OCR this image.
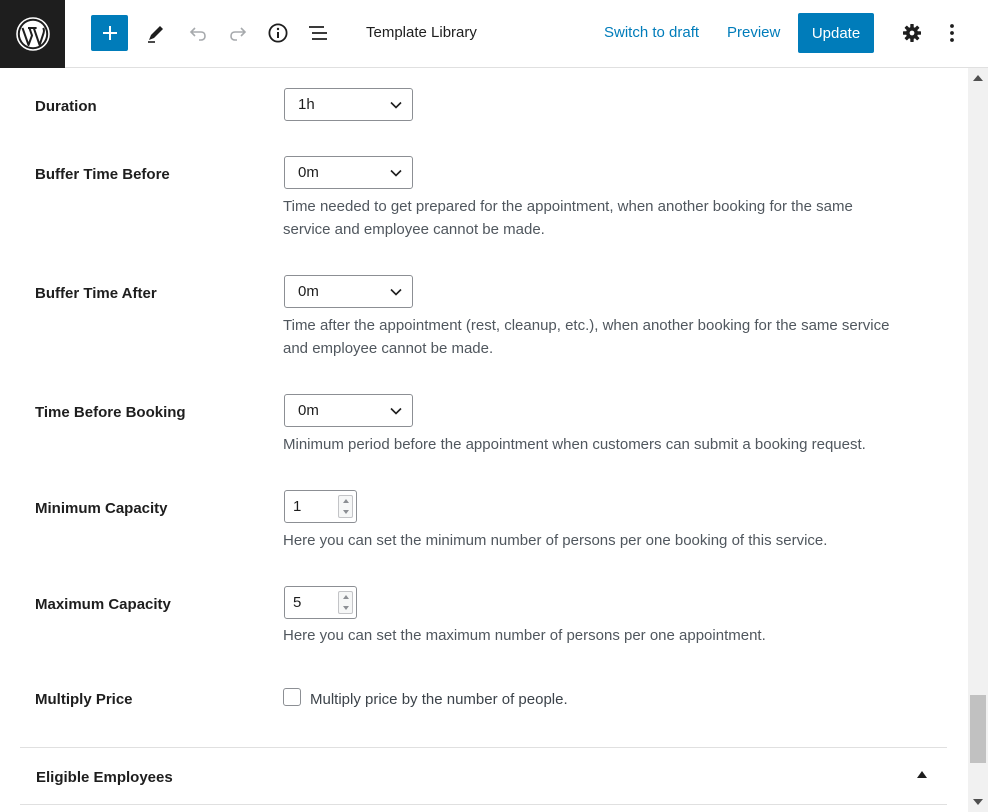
Template Library	Switch to draft Preview	Update
Duration	1h
Buffer Time Before	0m
Time needed to get prepared for the appointment, when another booking for the same
service and employee cannot be made.
Buffer Time After	0m
Time after the appointment (rest, cleanup, etc.), when another booking for the same service
and employee cannot be made.
Time Before Booking	0m
Minimum period before the appointment when customers can submit a booking request.
Minimum Capacity	1
Here you can set the minimum number of persons per one booking of this service.
Maximum Capacity	5
Here you can set the maximum number of persons per one appointment.
Multiply Price	Multiply price by the number of people.
Eligible Employees
